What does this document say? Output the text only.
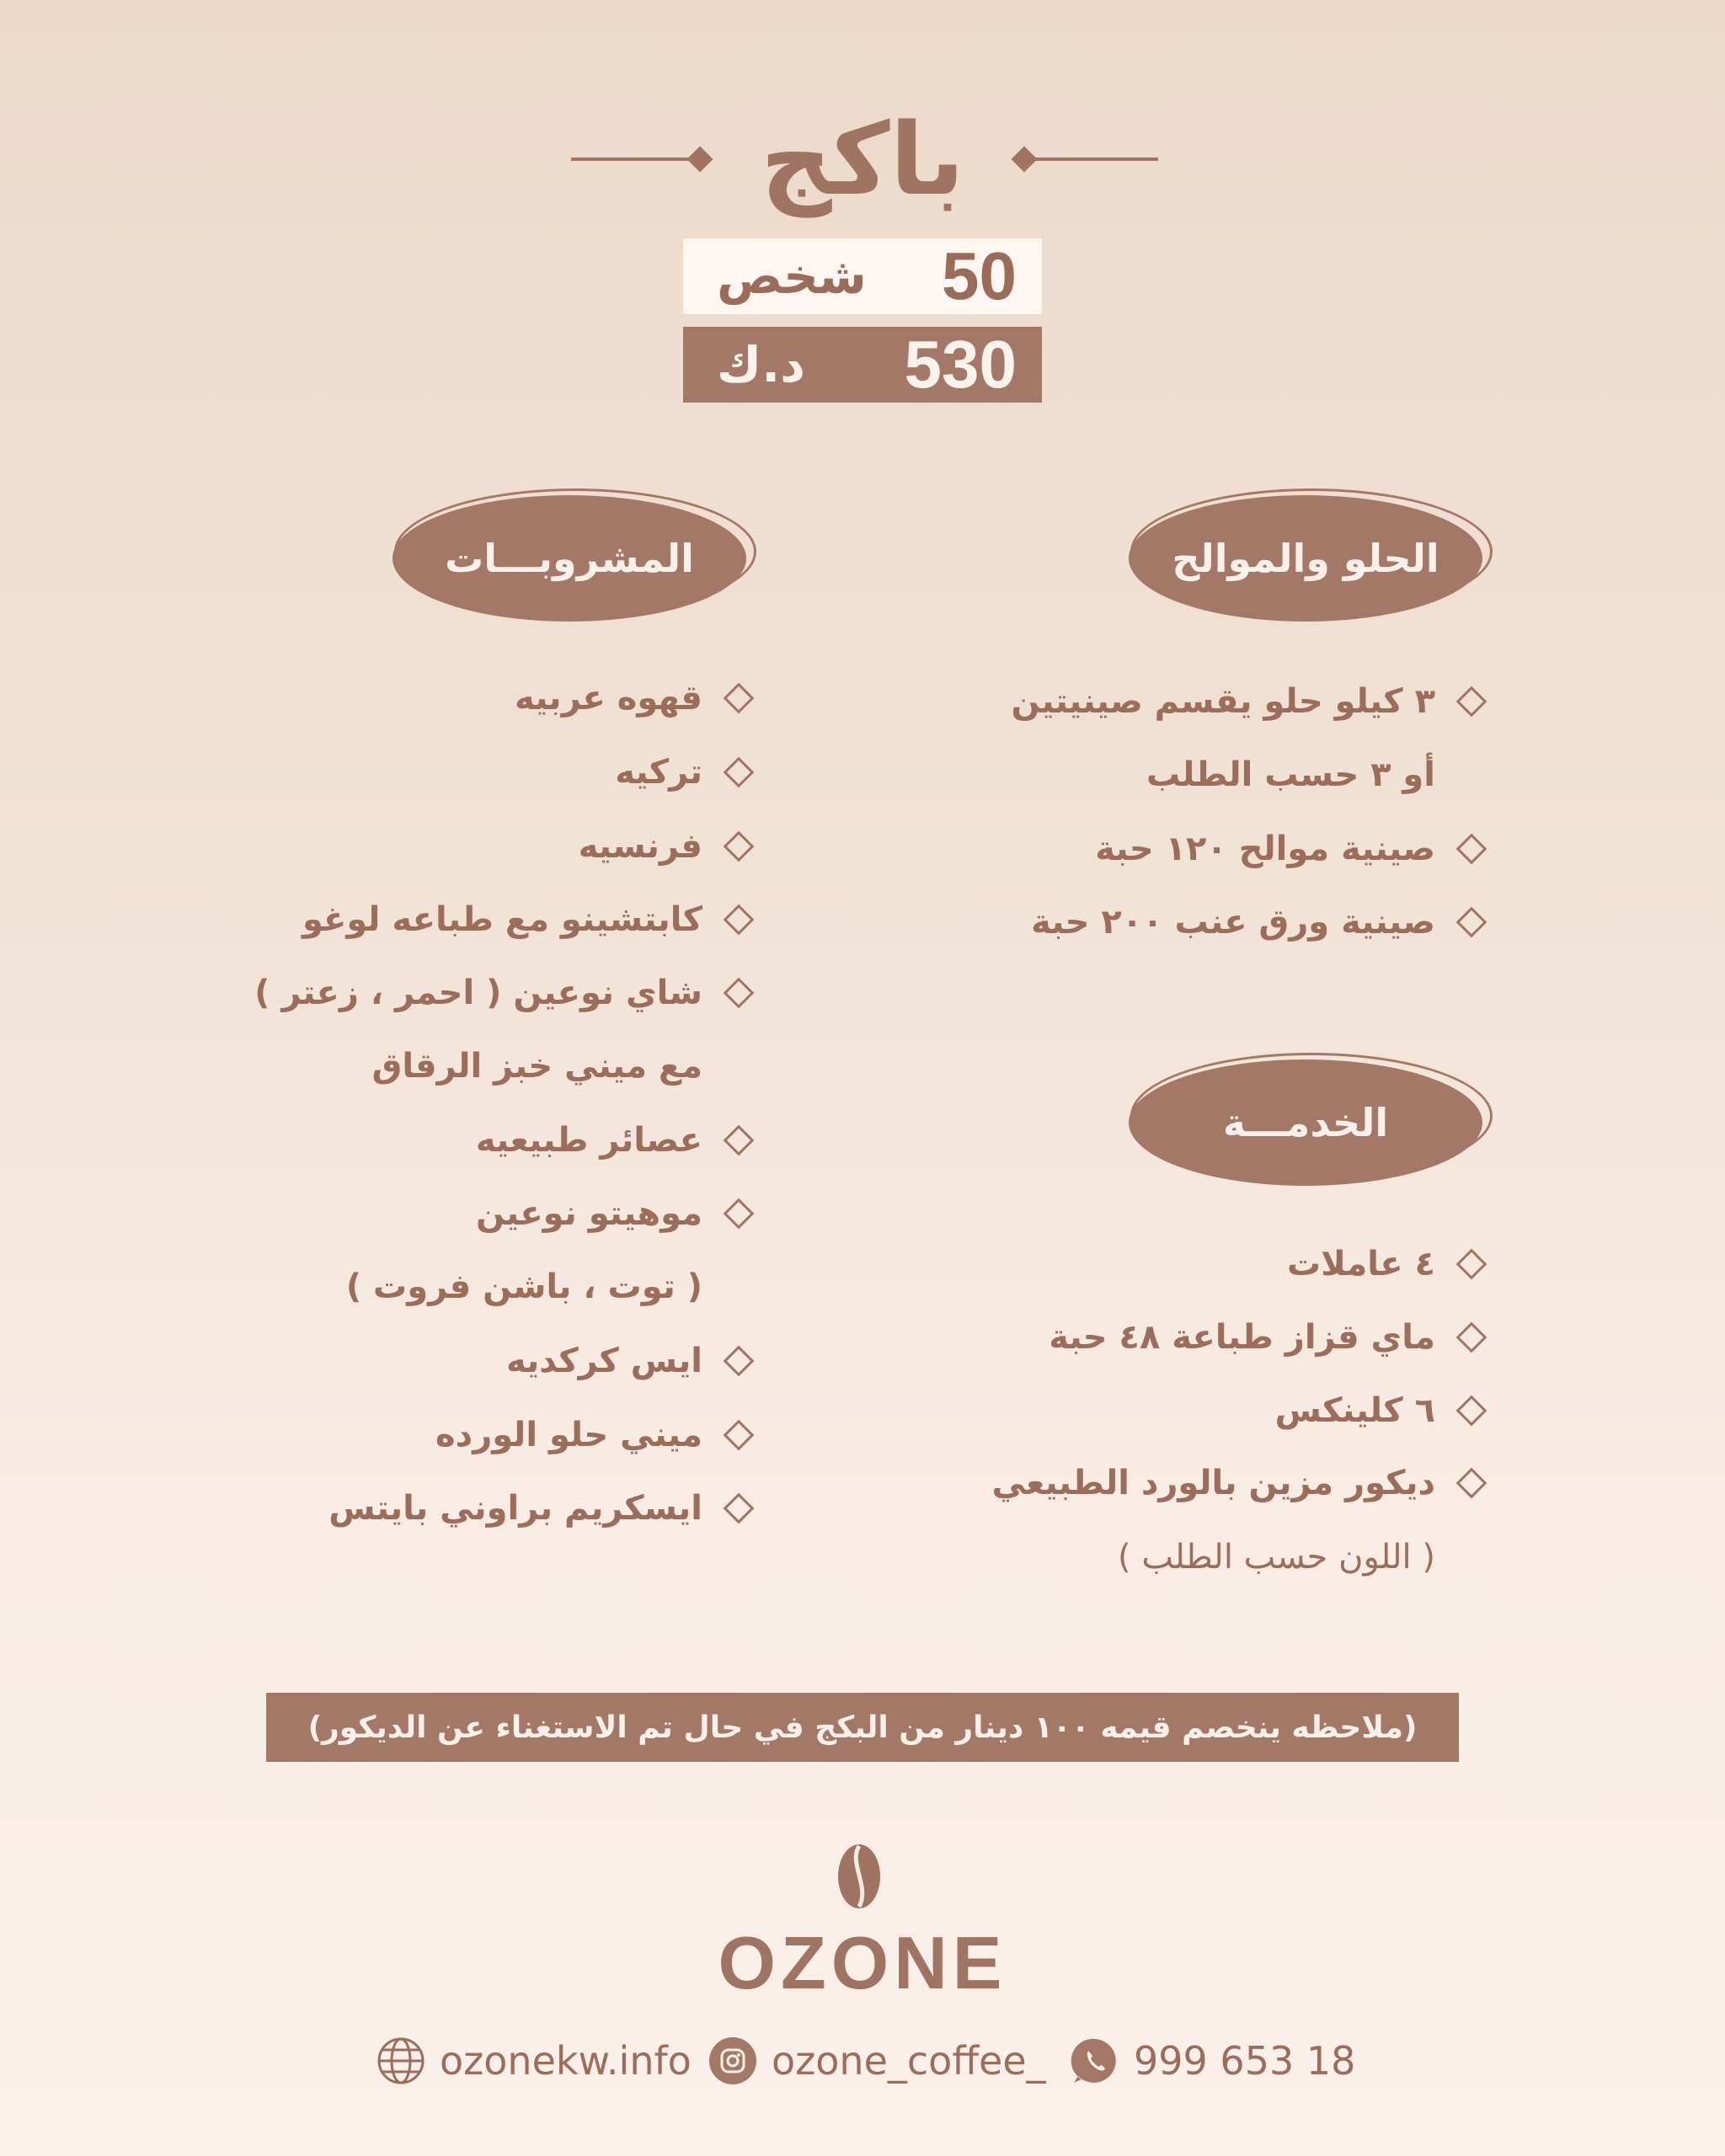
باكج
شخص 50
د.ك 530
الحلو والموالح
المشروبـــات
٣ كيلو حلو يقسم صينيتين
أو ٣ حسب الطلب
صينية موالح ١٢٠ حبة
صينية ورق عنب ٢٠٠ حبة
الخدمـــة
٤ عاملات
ماي قزاز طباعة ٤٨ حبة
٦ كلينكس
ديكور مزين بالورد الطبيعي
( اللون حسب الطلب )
قهوه عربيه
تركيه
فرنسيه
كابتشينو مع طباعه لوغو
شاي نوعين ( احمر ، زعتر )
مع ميني خبز الرقاق
عصائر طبيعيه
موهيتو نوعين
( توت ، باشن فروت )
ايس كركديه
ميني حلو الورده
ايسكريم براوني بايتس
(ملاحظه ينخصم قيمه ١٠٠ دينار من البكج في حال تم الاستغناء عن الديكور)
OZONE
ozonekw.info ozone_coffee_ 999 653 18
